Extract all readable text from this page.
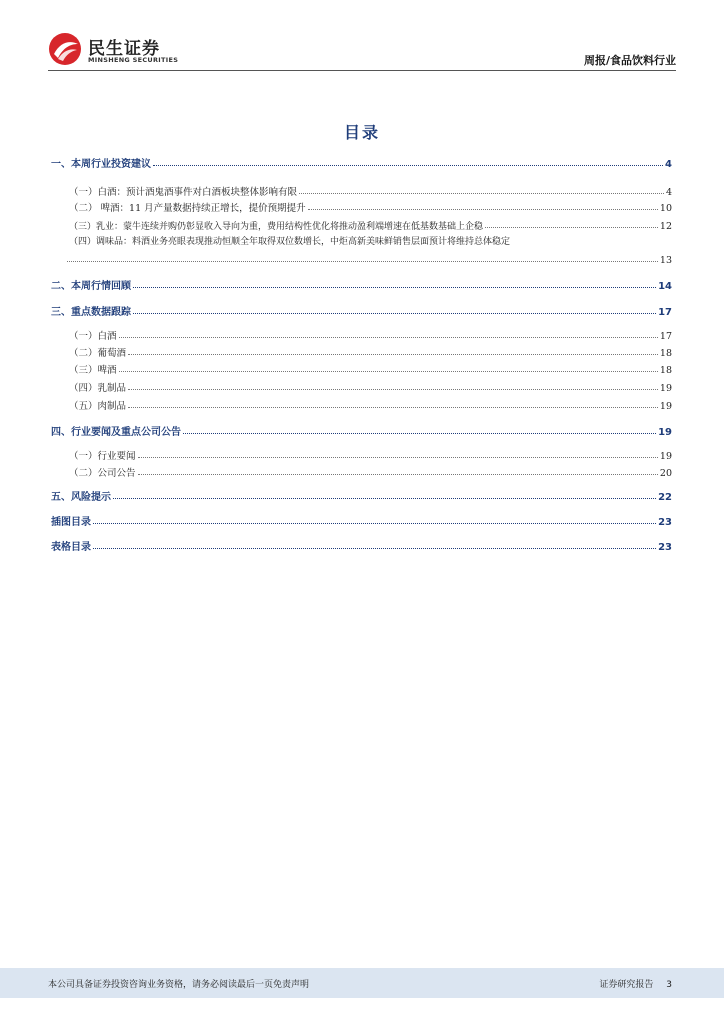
民生证券
MINSHENG SECURITIES	周报/食品饮料行业
目录
一、本周行业投资建议	4
（一）白酒：预计酒鬼酒事件对白酒板块整体影响有限	4
（二） 啤酒：11 月产量数据持续正增长，提价预期提升	10
（三）乳业：蒙牛连续并购仍彰显收入导向为重，费用结构性优化将推动盈利端增速在低基数基础上企稳	12
（四）调味品：料酒业务亮眼表现推动恒顺全年取得双位数增长，中炬高新美味鲜销售层面预计将维持总体稳定
13
二、本周行情回顾	14
三、重点数据跟踪	17
（一）白酒	17
（二）葡萄酒	18
（三）啤酒	18
（四）乳制品	19
（五）肉制品	19
四、行业要闻及重点公司公告	19
（一）行业要闻	19
（二）公司公告	20
五、风险提示	22
插图目录	23
表格目录	23
本公司具备证券投资咨询业务资格，请务必阅读最后一页免责声明	证券研究报告 3
